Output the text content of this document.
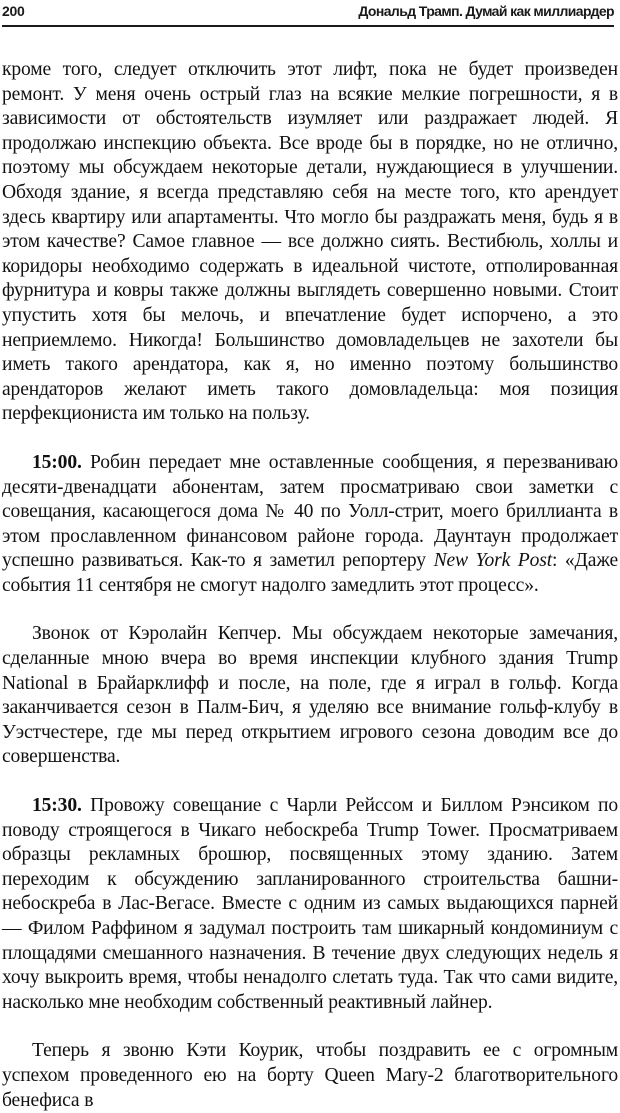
200	Дональд Трамп. Думай как миллиардер

кроме того, следует отключить этот лифт, пока не будет произведен ремонт. У меня очень острый глаз на всякие мелкие погрешности, я в зависимости от обстоятельств изумляет или раздражает людей. Я продолжаю инспекцию объекта. Все вроде бы в порядке, но не отлично, поэтому мы обсуждаем некоторые детали, нуждающиеся в улучшении. Обходя здание, я всегда представляю себя на месте того, кто арендует здесь квартиру или апартаменты. Что могло бы раздражать меня, будь я в этом качестве? Самое главное — все должно сиять. Вестибюль, холлы и коридоры необходимо содержать в идеальной чистоте, отполированная фурнитура и ковры также должны выглядеть совершенно новыми. Стоит упустить хотя бы мелочь, и впечатление будет испорчено, а это неприемлемо. Никогда! Большинство домовладельцев не захотели бы иметь такого арендатора, как я, но именно поэтому большинство арендаторов желают иметь такого домовладельца: моя позиция перфекциониста им только на пользу.

15:00. Робин передает мне оставленные сообщения, я перезваниваю десяти-двенадцати абонентам, затем просматриваю свои заметки с совещания, касающегося дома № 40 по Уолл-стрит, моего бриллианта в этом прославленном финансовом районе города. Даунтаун продолжает успешно развиваться. Как-то я заметил репортеру New York Post: «Даже события 11 сентября не смогут надолго замедлить этот процесс».

Звонок от Кэролайн Кепчер. Мы обсуждаем некоторые замечания, сделанные мною вчера во время инспекции клубного здания Trump National в Брайарклифф и после, на поле, где я играл в гольф. Когда заканчивается сезон в Палм-Бич, я уделяю все внимание гольф-клубу в Уэстчестере, где мы перед открытием игрового сезона доводим все до совершенства.

15:30. Провожу совещание с Чарли Рейссом и Биллом Рэнсиком по поводу строящегося в Чикаго небоскреба Trump Tower. Просматриваем образцы рекламных брошюр, посвященных этому зданию. Затем переходим к обсуждению запланированного строительства башни-небоскреба в Лас-Вегасе. Вместе с одним из самых выдающихся парней — Филом Раффином я задумал построить там шикарный кондоминиум с площадями смешанного назначения. В течение двух следующих недель я хочу выкроить время, чтобы ненадолго слетать туда. Так что сами видите, насколько мне необходим собственный реактивный лайнер.

Теперь я звоню Кэти Коурик, чтобы поздравить ее с огромным успехом проведенного ею на борту Queen Mary-2 благотворительного бенефиса в
